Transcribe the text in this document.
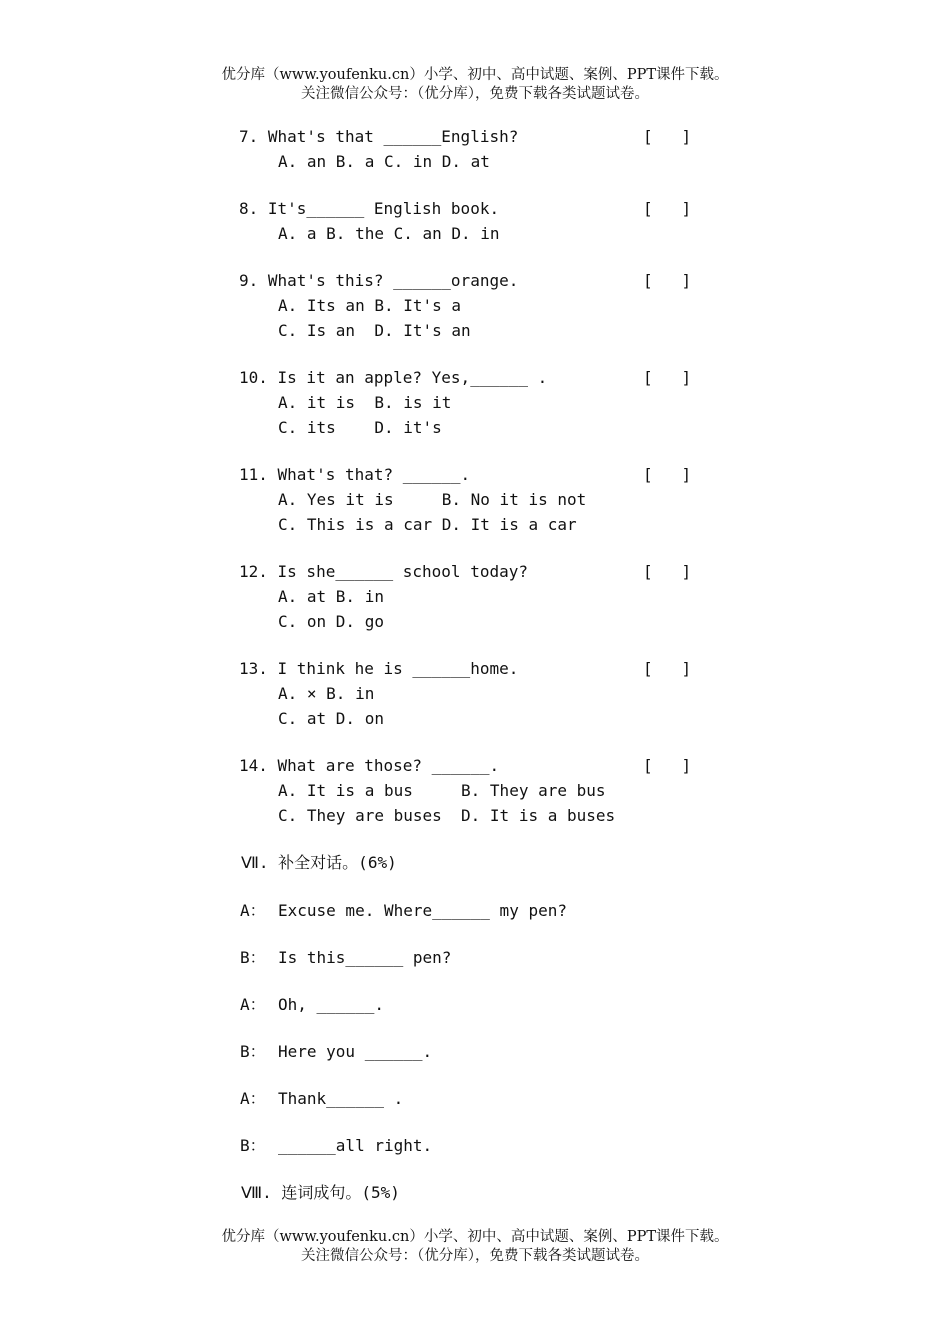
优分库（www.youfenku.cn）小学、初中、高中试题、案例、PPT课件下载。
关注微信公众号：（优分库），免费下载各类试题试卷。
7. What's that ______English?	[   ]
A. an B. a C. in D. at
8. It's______ English book.	[   ]
A. a B. the C. an D. in
9. What's this? ______orange.	[   ]
A. Its an B. It's a
C. Is an  D. It's an
10. Is it an apple? Yes,______ .	[   ]
A. it is  B. is it
C. its    D. it's
11. What's that? ______.	[   ]
A. Yes it is     B. No it is not
C. This is a car D. It is a car
12. Is she______ school today?	[   ]
A. at B. in
C. on D. go
13. I think he is ______home.	[   ]
A. × B. in
C. at D. on
14. What are those? ______.	[   ]
A. It is a bus     B. They are bus
C. They are buses  D. It is a buses
Ⅶ. 补全对话。(6%)
A： Excuse me. Where______ my pen?
B： Is this______ pen?
A： Oh, ______.
B： Here you ______.
A： Thank______ .
B： ______all right.
Ⅷ. 连词成句。(5%)
优分库（www.youfenku.cn）小学、初中、高中试题、案例、PPT课件下载。
关注微信公众号：（优分库），免费下载各类试题试卷。
